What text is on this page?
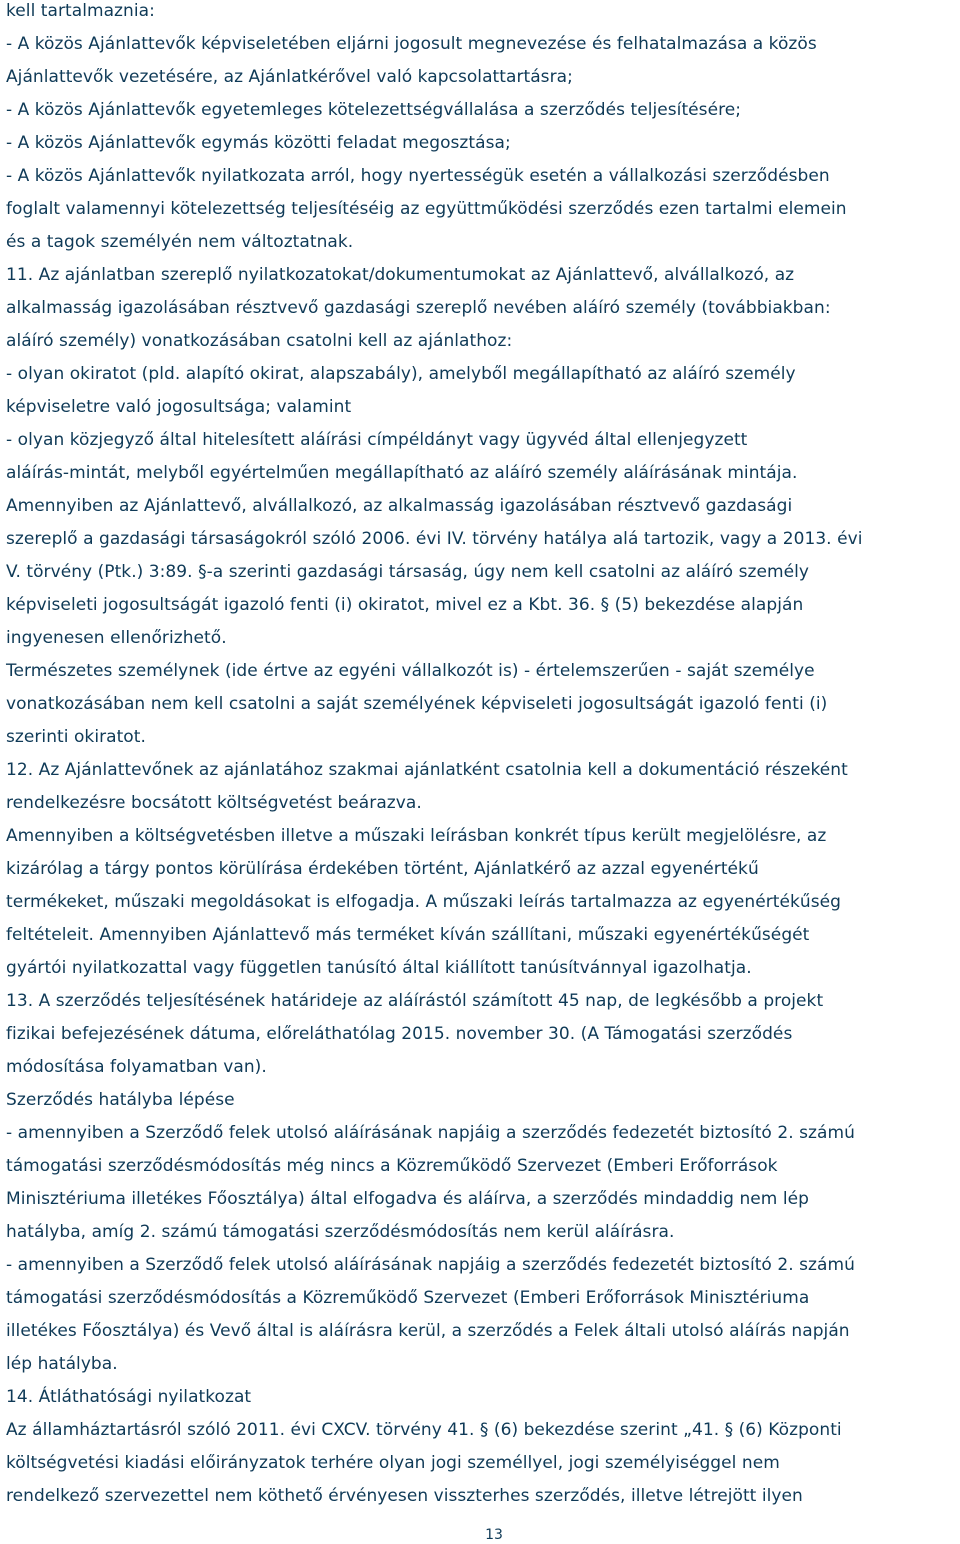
kell tartalmaznia:
- A közös Ajánlattevők képviseletében eljárni jogosult megnevezése és felhatalmazása a közös
Ajánlattevők vezetésére, az Ajánlatkérővel való kapcsolattartásra;
- A közös Ajánlattevők egyetemleges kötelezettségvállalása a szerződés teljesítésére;
- A közös Ajánlattevők egymás közötti feladat megosztása;
- A közös Ajánlattevők nyilatkozata arról, hogy nyertességük esetén a vállalkozási szerződésben
foglalt valamennyi kötelezettség teljesítéséig az együttműködési szerződés ezen tartalmi elemein
és a tagok személyén nem változtatnak.
11. Az ajánlatban szereplő nyilatkozatokat/dokumentumokat az Ajánlattevő, alvállalkozó, az
alkalmasság igazolásában résztvevő gazdasági szereplő nevében aláíró személy (továbbiakban:
aláíró személy) vonatkozásában csatolni kell az ajánlathoz:
- olyan okiratot (pld. alapító okirat, alapszabály), amelyből megállapítható az aláíró személy
képviseletre való jogosultsága; valamint
- olyan közjegyző által hitelesített aláírási címpéldányt vagy ügyvéd által ellenjegyzett
aláírás-mintát, melyből egyértelműen megállapítható az aláíró személy aláírásának mintája.
Amennyiben az Ajánlattevő, alvállalkozó, az alkalmasság igazolásában résztvevő gazdasági
szereplő a gazdasági társaságokról szóló 2006. évi IV. törvény hatálya alá tartozik, vagy a 2013. évi
V. törvény (Ptk.) 3:89. §-a szerinti gazdasági társaság, úgy nem kell csatolni az aláíró személy
képviseleti jogosultságát igazoló fenti (i) okiratot, mivel ez a Kbt. 36. § (5) bekezdése alapján
ingyenesen ellenőrizhető.
Természetes személynek (ide értve az egyéni vállalkozót is) - értelemszerűen - saját személye
vonatkozásában nem kell csatolni a saját személyének képviseleti jogosultságát igazoló fenti (i)
szerinti okiratot.
12. Az Ajánlattevőnek az ajánlatához szakmai ajánlatként csatolnia kell a dokumentáció részeként
rendelkezésre bocsátott költségvetést beárazva.
Amennyiben a költségvetésben illetve a műszaki leírásban konkrét típus került megjelölésre, az
kizárólag a tárgy pontos körülírása érdekében történt, Ajánlatkérő az azzal egyenértékű
termékeket, műszaki megoldásokat is elfogadja. A műszaki leírás tartalmazza az egyenértékűség
feltételeit. Amennyiben Ajánlattevő más terméket kíván szállítani, műszaki egyenértékűségét
gyártói nyilatkozattal vagy független tanúsító által kiállított tanúsítvánnyal igazolhatja.
13. A szerződés teljesítésének határideje az aláírástól számított 45 nap, de legkésőbb a projekt
fizikai befejezésének dátuma, előreláthatólag 2015. november 30. (A Támogatási szerződés
módosítása folyamatban van).
Szerződés hatályba lépése
- amennyiben a Szerződő felek utolsó aláírásának napjáig a szerződés fedezetét biztosító 2. számú
támogatási szerződésmódosítás még nincs a Közreműködő Szervezet (Emberi Erőforrások
Minisztériuma illetékes Főosztálya) által elfogadva és aláírva, a szerződés mindaddig nem lép
hatályba, amíg 2. számú támogatási szerződésmódosítás nem kerül aláírásra.
- amennyiben a Szerződő felek utolsó aláírásának napjáig a szerződés fedezetét biztosító 2. számú
támogatási szerződésmódosítás a Közreműködő Szervezet (Emberi Erőforrások Minisztériuma
illetékes Főosztálya) és Vevő által is aláírásra kerül, a szerződés a Felek általi utolsó aláírás napján
lép hatályba.
14. Átláthatósági nyilatkozat
Az államháztartásról szóló 2011. évi CXCV. törvény 41. § (6) bekezdése szerint „41. § (6) Központi
költségvetési kiadási előirányzatok terhére olyan jogi személlyel, jogi személyiséggel nem
rendelkező szervezettel nem köthető érvényesen visszterhes szerződés, illetve létrejött ilyen
13
